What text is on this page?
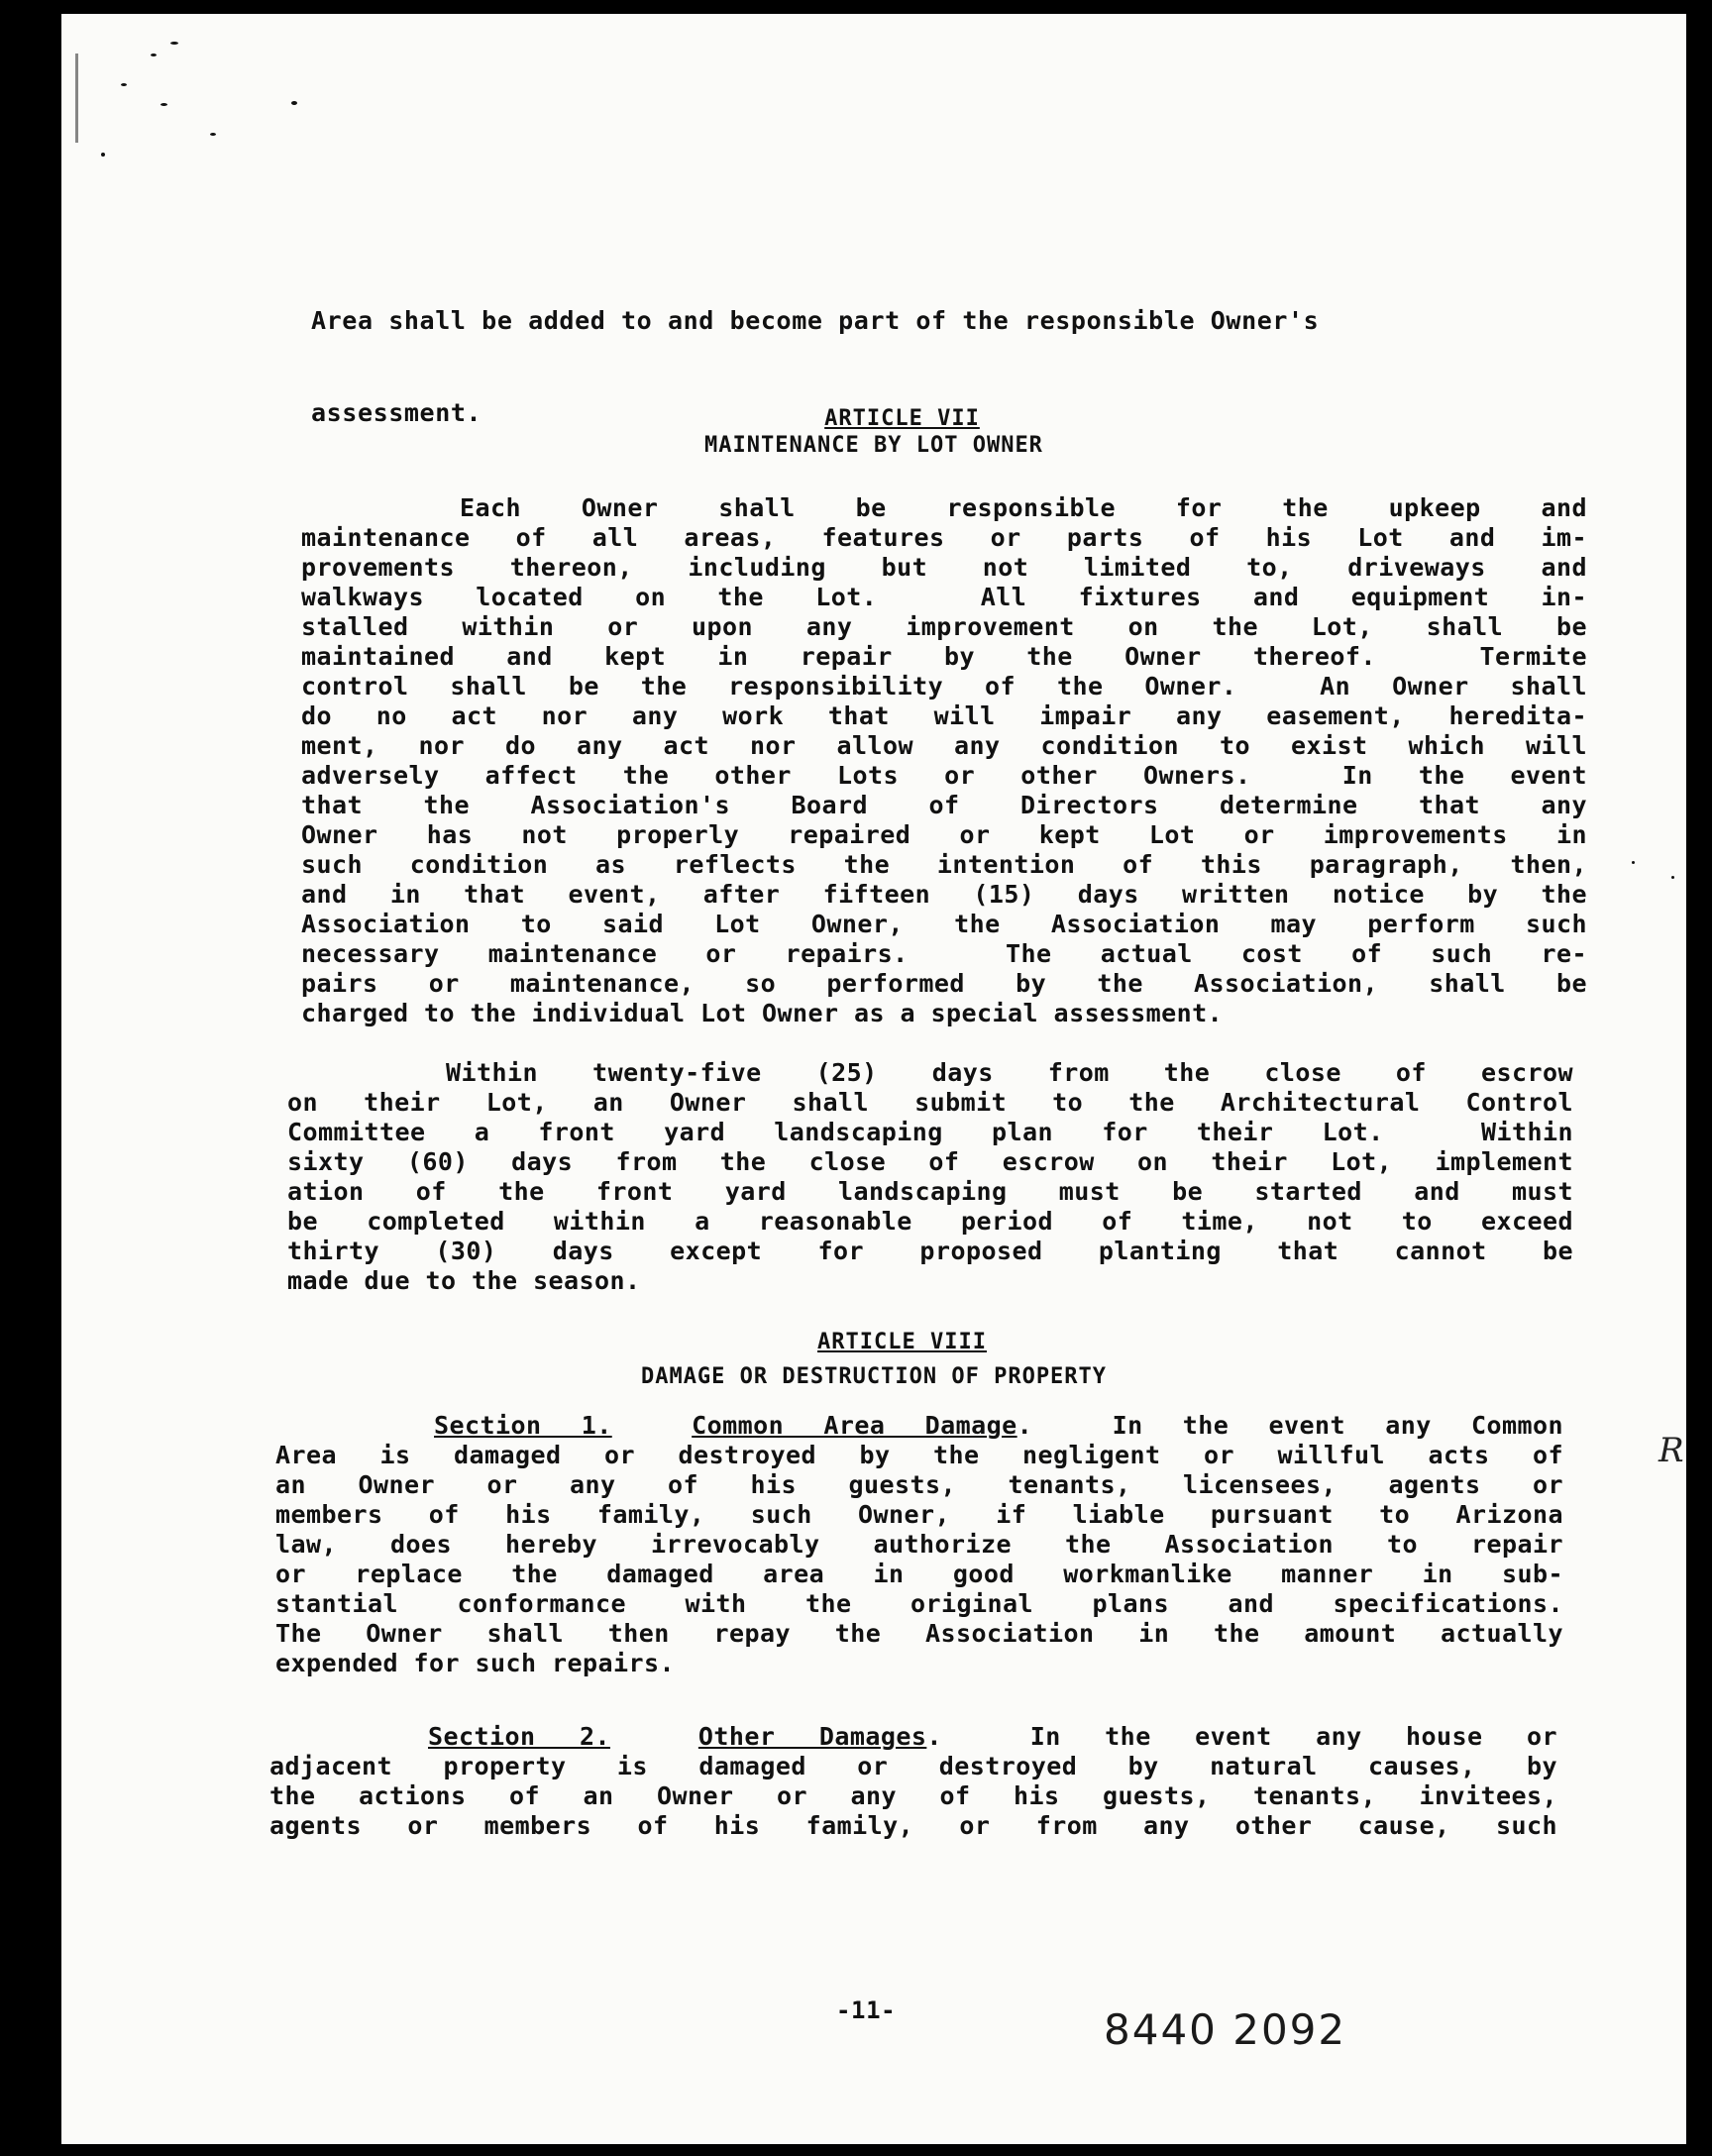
Area shall be added to and become part of the responsible Owner's

assessment.

	ARTICLE VII

MAINTENANCE BY LOT OWNER
Each Owner shall be responsible for the upkeep and
maintenance of all areas, features or parts of his Lot and im-
provements thereon, including but not limited to, driveways and
walkways located on the Lot.  All fixtures and equipment in-
stalled within or upon any improvement on the Lot, shall be
maintained and kept in repair by the Owner thereof.  Termite
control shall be the responsibility of the Owner.  An Owner shall
do no act nor any work that will impair any easement, heredita-
ment, nor do any act nor allow any condition to exist which will
adversely affect the other Lots or other Owners.  In the event
that the Association's Board of Directors determine that any
Owner has not properly repaired or kept Lot or improvements in
such condition as reflects the intention of this paragraph, then,
and in that event, after fifteen (15) days written notice by the
Association to said Lot Owner, the Association may perform such
necessary maintenance or repairs.  The actual cost of such re-
pairs or maintenance, so performed by the Association, shall be
charged to the individual Lot Owner as a special assessment.
Within twenty-five (25) days from the close of escrow
on their Lot, an Owner shall submit to the Architectural Control
Committee a front yard landscaping plan for their Lot.  Within
sixty (60) days from the close of escrow on their Lot, implement
ation of the front yard landscaping must be started and must
be completed within a reasonable period of time, not to exceed
thirty (30) days except for proposed planting that cannot be
made due to the season.

ARTICLE VIII

DAMAGE OR DESTRUCTION OF PROPERTY
Section 1.	Common Area Damage.  In the event any Common
Area is damaged or destroyed by the negligent or willful acts of
an Owner or any of his guests, tenants, licensees, agents or
members of his family, such Owner, if liable pursuant to Arizona
law, does hereby irrevocably authorize the Association to repair
or replace the damaged area in good workmanlike manner in sub-
stantial conformance with the original plans and specifications.
The Owner shall then repay the Association in the amount actually
expended for such repairs.
Section 2.	Other Damages.  In the event any house or
adjacent property is damaged or destroyed by natural causes, by
the actions of an Owner or any of his guests, tenants, invitees,
agents or members of his family, or from any other cause, such
R
-11-	8440 2092
